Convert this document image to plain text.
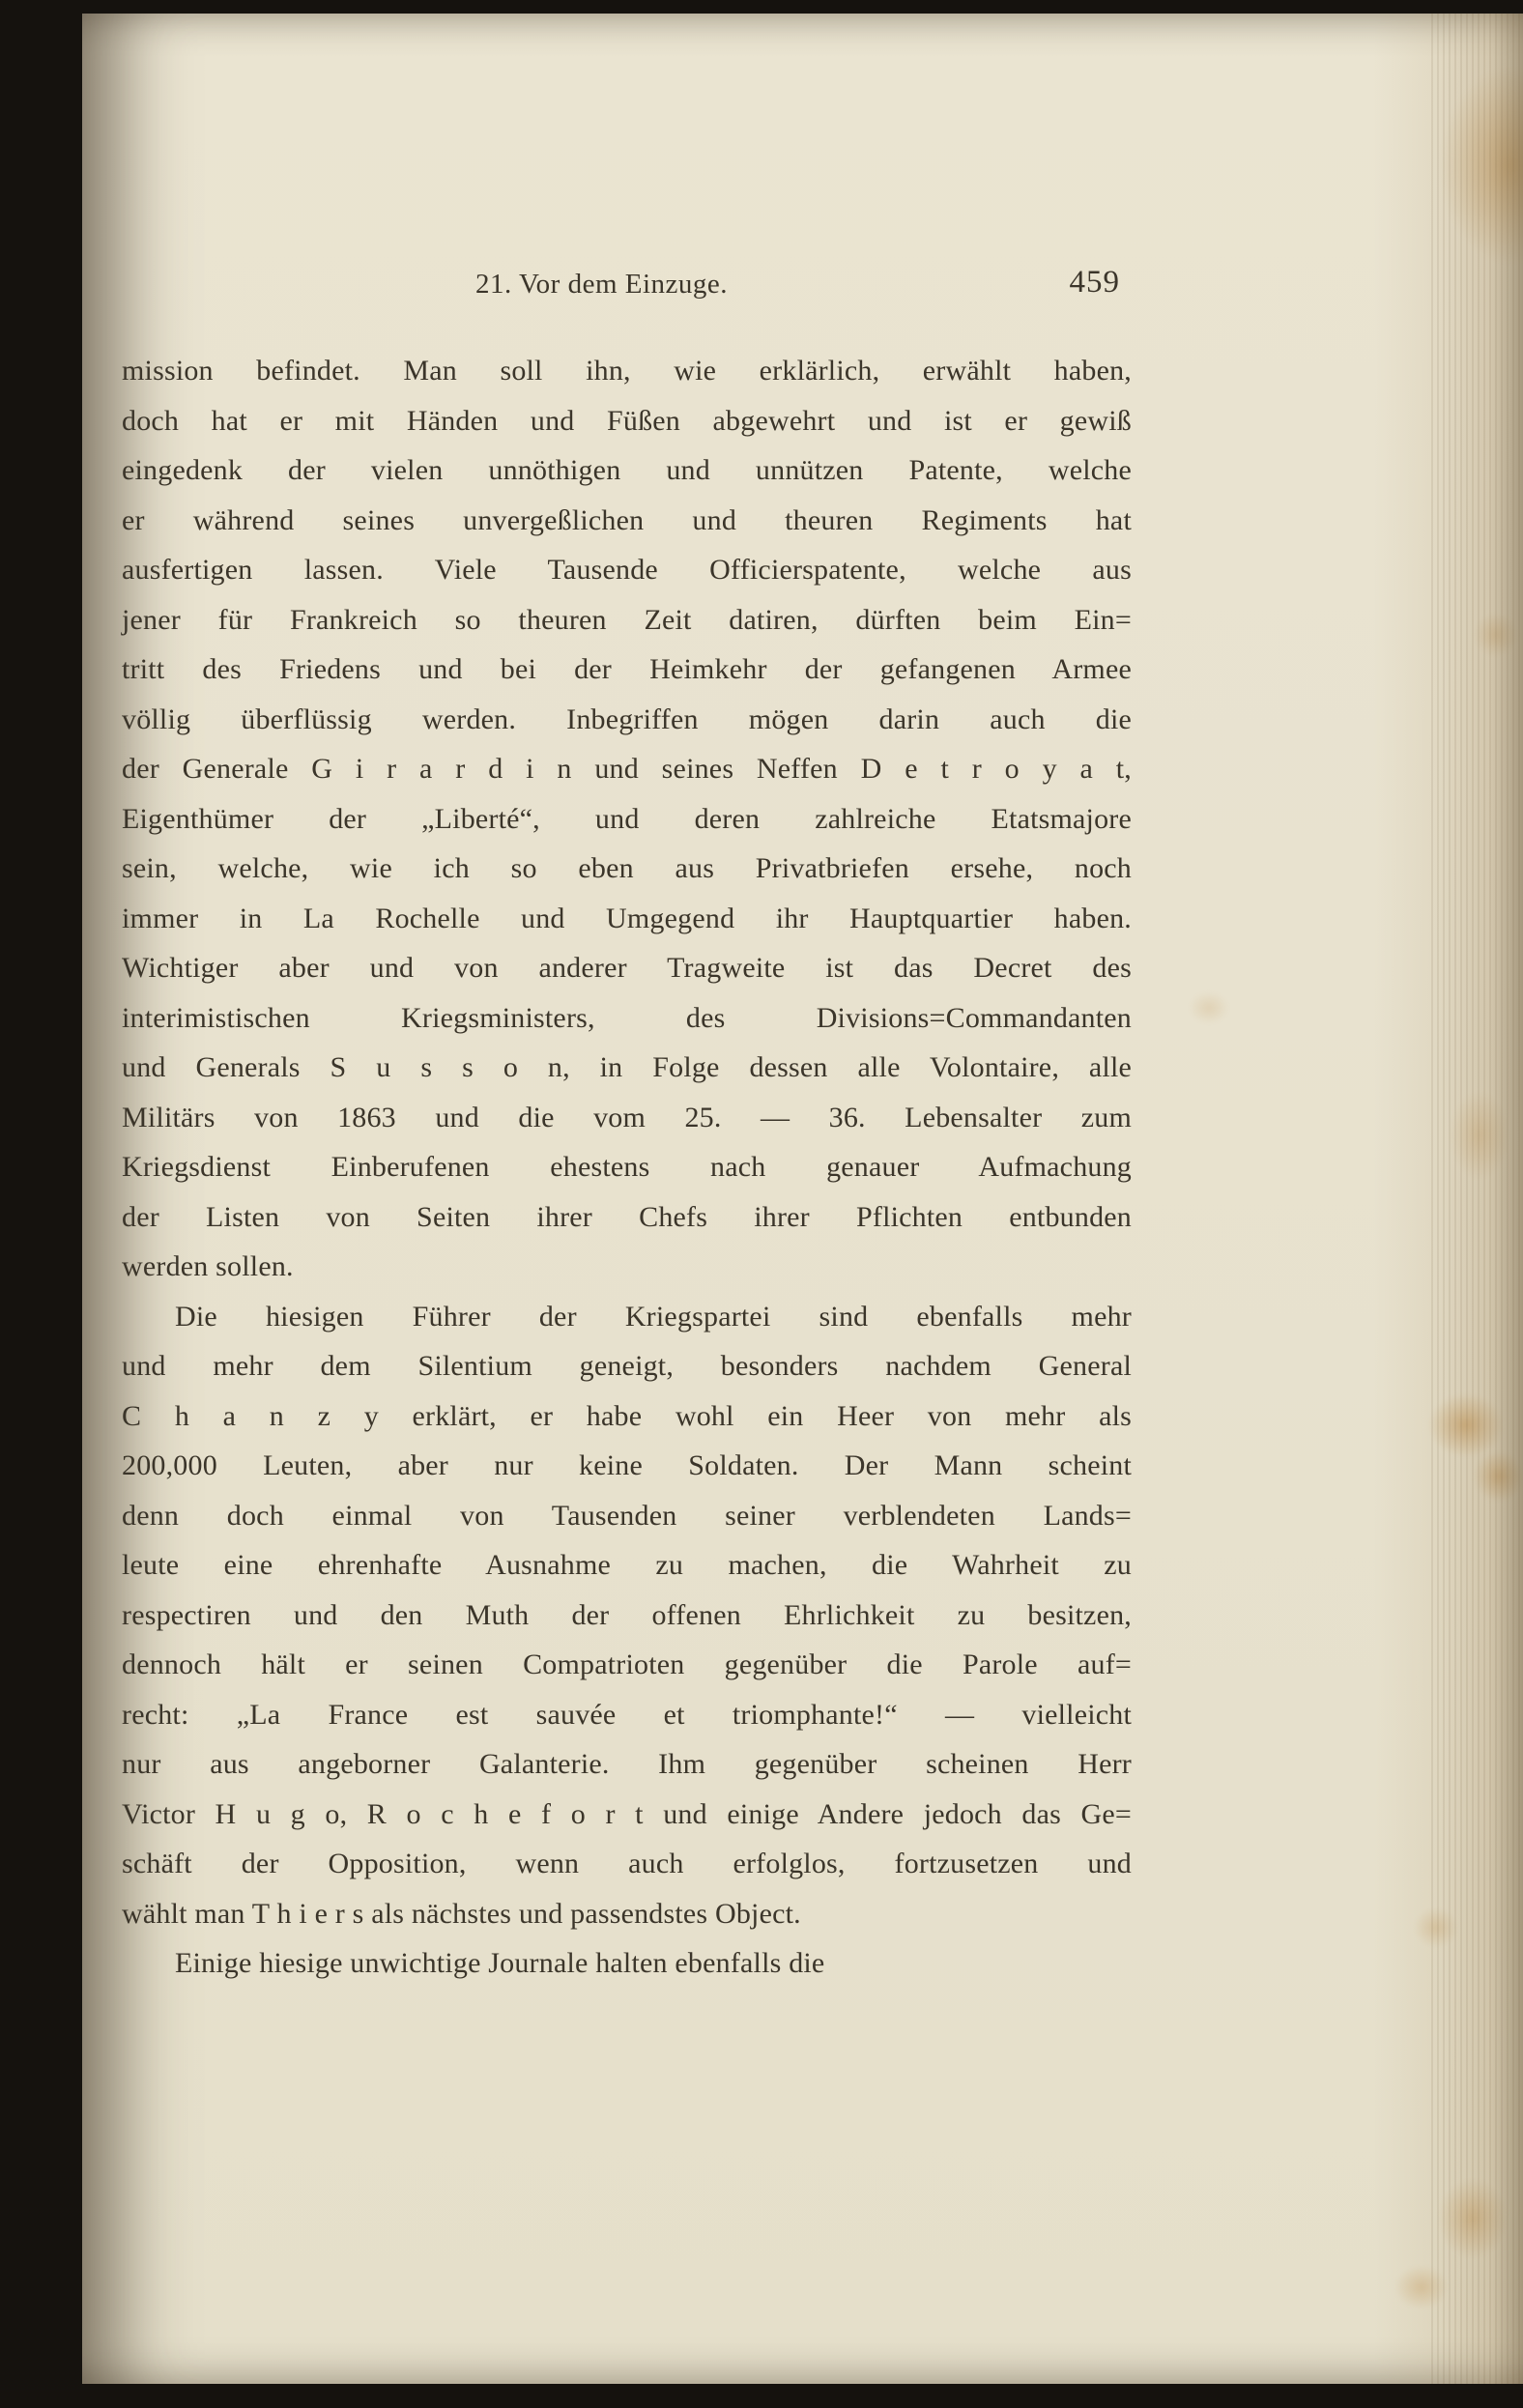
21. Vor dem Einzuge.	459
mission befindet. Man soll ihn, wie erklärlich, erwählt haben,
doch hat er mit Händen und Füßen abgewehrt und ist er gewiß
eingedenk der vielen unnöthigen und unnützen Patente, welche
er während seines unvergeßlichen und theuren Regiments hat
ausfertigen lassen. Viele Tausende Officierspatente, welche aus
jener für Frankreich so theuren Zeit datiren, dürften beim Ein=
tritt des Friedens und bei der Heimkehr der gefangenen Armee
völlig überflüssig werden. Inbegriffen mögen darin auch die
der Generale G i r a r d i n und seines Neffen D e t r o y a t,
Eigenthümer der „Liberté“, und deren zahlreiche Etatsmajore
sein, welche, wie ich so eben aus Privatbriefen ersehe, noch
immer in La Rochelle und Umgegend ihr Hauptquartier haben.
Wichtiger aber und von anderer Tragweite ist das Decret des
interimistischen Kriegsministers, des Divisions=Commandanten
und Generals S u s s o n, in Folge dessen alle Volontaire, alle
Militärs von 1863 und die vom 25. — 36. Lebensalter zum
Kriegsdienst Einberufenen ehestens nach genauer Aufmachung
der Listen von Seiten ihrer Chefs ihrer Pflichten entbunden
werden sollen.
Die hiesigen Führer der Kriegspartei sind ebenfalls mehr
und mehr dem Silentium geneigt, besonders nachdem General
C h a n z y erklärt, er habe wohl ein Heer von mehr als
200,000 Leuten, aber nur keine Soldaten. Der Mann scheint
denn doch einmal von Tausenden seiner verblendeten Lands=
leute eine ehrenhafte Ausnahme zu machen, die Wahrheit zu
respectiren und den Muth der offenen Ehrlichkeit zu besitzen,
dennoch hält er seinen Compatrioten gegenüber die Parole auf=
recht: „La France est sauvée et triomphante!“ — vielleicht
nur aus angeborner Galanterie. Ihm gegenüber scheinen Herr
Victor H u g o, R o c h e f o r t und einige Andere jedoch das Ge=
schäft der Opposition, wenn auch erfolglos, fortzusetzen und
wählt man T h i e r s als nächstes und passendstes Object.
Einige hiesige unwichtige Journale halten ebenfalls die
